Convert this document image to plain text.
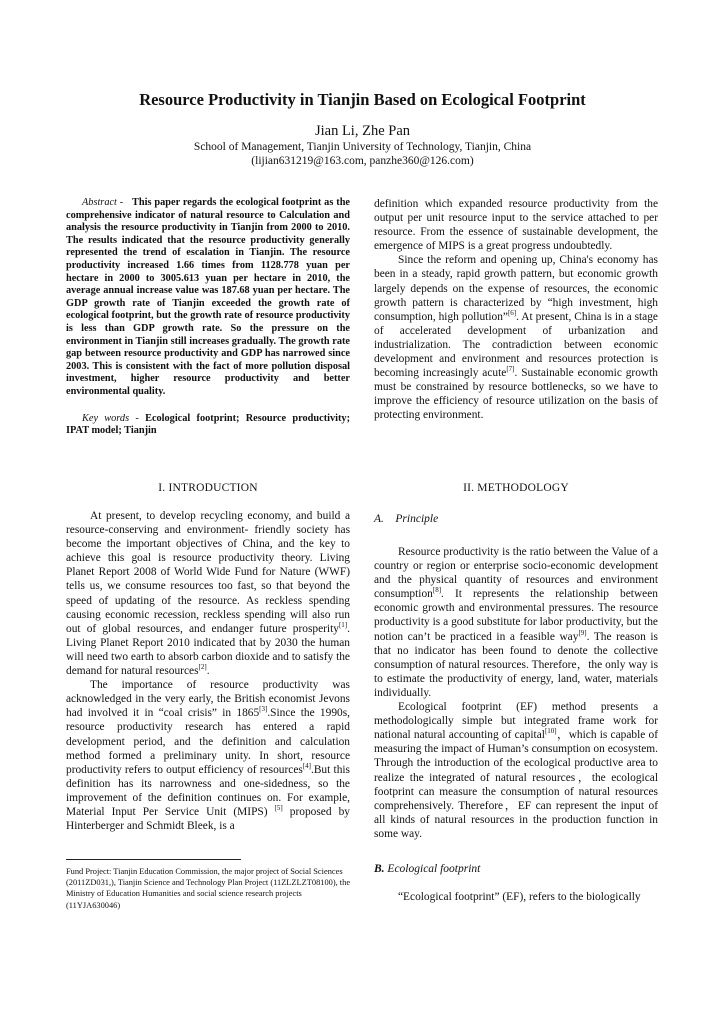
Resource Productivity in Tianjin Based on Ecological Footprint
Jian Li, Zhe Pan
School of Management, Tianjin University of Technology, Tianjin, China
(lijian631219@163.com, panzhe360@126.com)

Abstract - This paper regards the ecological footprint as the comprehensive indicator of natural resource to Calculation and analysis the resource productivity in Tianjin from 2000 to 2010. The results indicated that the resource productivity generally represented the trend of escalation in Tianjin. The resource productivity increased 1.66 times from 1128.778 yuan per hectare in 2000 to 3005.613 yuan per hectare in 2010, the average annual increase value was 187.68 yuan per hectare. The GDP growth rate of Tianjin exceeded the growth rate of ecological footprint, but the growth rate of resource productivity is less than GDP growth rate. So the pressure on the environment in Tianjin still increases gradually. The growth rate gap between resource productivity and GDP has narrowed since 2003. This is consistent with the fact of more pollution disposal investment, higher resource productivity and better environmental quality.

Key words - Ecological footprint; Resource productivity; IPAT model; Tianjin

I. INTRODUCTION

At present, to develop recycling economy, and build a resource-conserving and environment- friendly society has become the important objectives of China, and the key to achieve this goal is resource productivity theory. Living Planet Report 2008 of World Wide Fund for Nature (WWF) tells us, we consume resources too fast, so that beyond the speed of updating of the resource. As reckless spending causing economic recession, reckless spending will also run out of global resources, and endanger future prosperity[1]. Living Planet Report 2010 indicated that by 2030 the human will need two earth to absorb carbon dioxide and to satisfy the demand for natural resources[2].

The importance of resource productivity was acknowledged in the very early, the British economist Jevons had involved it in “coal crisis” in 1865[3].Since the 1990s, resource productivity research has entered a rapid development period, and the definition and calculation method formed a preliminary unity. In short, resource productivity refers to output efficiency of resources[4].But this definition has its narrowness and one-sidedness, so the improvement of the definition continues on. For example, Material Input Per Service Unit (MIPS) [5] proposed by Hinterberger and Schmidt Bleek, is a

Fund Project: Tianjin Education Commission, the major project of Social Sciences (2011ZD031,), Tianjin Science and Technology Plan Project (11ZLZLZT08100), the Ministry of Education Humanities and social science research projects (11YJA630046)

definition which expanded resource productivity from the output per unit resource input to the service attached to per resource. From the essence of sustainable development, the emergence of MIPS is a great progress undoubtedly.

Since the reform and opening up, China's economy has been in a steady, rapid growth pattern, but economic growth largely depends on the expense of resources, the economic growth pattern is characterized by “high investment, high consumption, high pollution”[6]. At present, China is in a stage of accelerated development of urbanization and industrialization. The contradiction between economic development and environment and resources protection is becoming increasingly acute[7]. Sustainable economic growth must be constrained by resource bottlenecks, so we have to improve the efficiency of resource utilization on the basis of protecting environment.

II. METHODOLOGY
A. Principle

Resource productivity is the ratio between the Value of a country or region or enterprise socio-economic development and the physical quantity of resources and environment consumption[8]. It represents the relationship between economic growth and environmental pressures. The resource productivity is a good substitute for labor productivity, but the notion can’t be practiced in a feasible way[9]. The reason is that no indicator has been found to denote the collective consumption of natural resources. Therefore，the only way is to estimate the productivity of energy, land, water, materials individually.

Ecological footprint (EF) method presents a methodologically simple but integrated frame work for national natural accounting of capital[10]，which is capable of measuring the impact of Human’s consumption on ecosystem. Through the introduction of the ecological productive area to realize the integrated of natural resources，the ecological footprint can measure the consumption of natural resources comprehensively. Therefore，EF can represent the input of all kinds of natural resources in the production function in some way.

B. Ecological footprint

“Ecological footprint” (EF), refers to the biologically
